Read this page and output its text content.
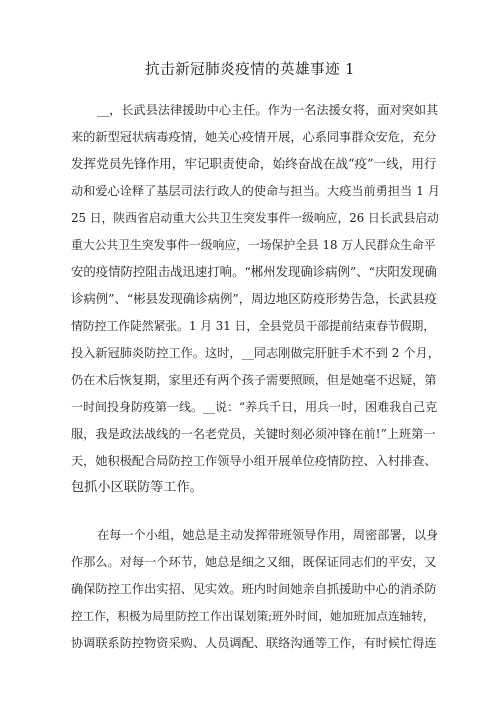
抗击新冠肺炎疫情的英雄事迹 1
__，长武县法律援助中心主任。作为一名法援女将，面对突如其
来的新型冠状病毒疫情，她关心疫情开展，心系同事群众安危，充分
发挥党员先锋作用，牢记职责使命，始终奋战在战“疫”一线，用行
动和爱心诠释了基层司法行政人的使命与担当。大疫当前勇担当 1 月
25 日，陕西省启动重大公共卫生突发事件一级响应，26 日长武县启动
重大公共卫生突发事件一级响应，一场保护全县 18 万人民群众生命平
安的疫情防控阻击战迅速打响。“郴州发现确诊病例”、“庆阳发现确
诊病例”、“彬县发现确诊病例”，周边地区防疫形势告急，长武县疫
情防控工作陡然紧张。1 月 31 日，全县党员干部提前结束春节假期，
投入新冠肺炎防控工作。这时，__同志刚做完肝脏手术不到 2 个月，
仍在术后恢复期，家里还有两个孩子需要照顾，但是她毫不迟疑，第
一时间投身防疫第一线。__说：“养兵千日，用兵一时，困难我自己克
服，我是政法战线的一名老党员，关键时刻必须冲锋在前!”上班第一
天，她积极配合局防控工作领导小组开展单位疫情防控、入村排查、
包抓小区联防等工作。
在每一个小组，她总是主动发挥带班领导作用，周密部署，以身
作那么。对每一个环节，她总是细之又细，既保证同志们的平安，又
确保防控工作出实招、见实效。班内时间她亲自抓援助中心的消杀防
控工作，积极为局里防控工作出谋划策;班外时间，她加班加点连轴转，
协调联系防控物资采购、人员调配、联络沟通等工作，有时候忙得连
